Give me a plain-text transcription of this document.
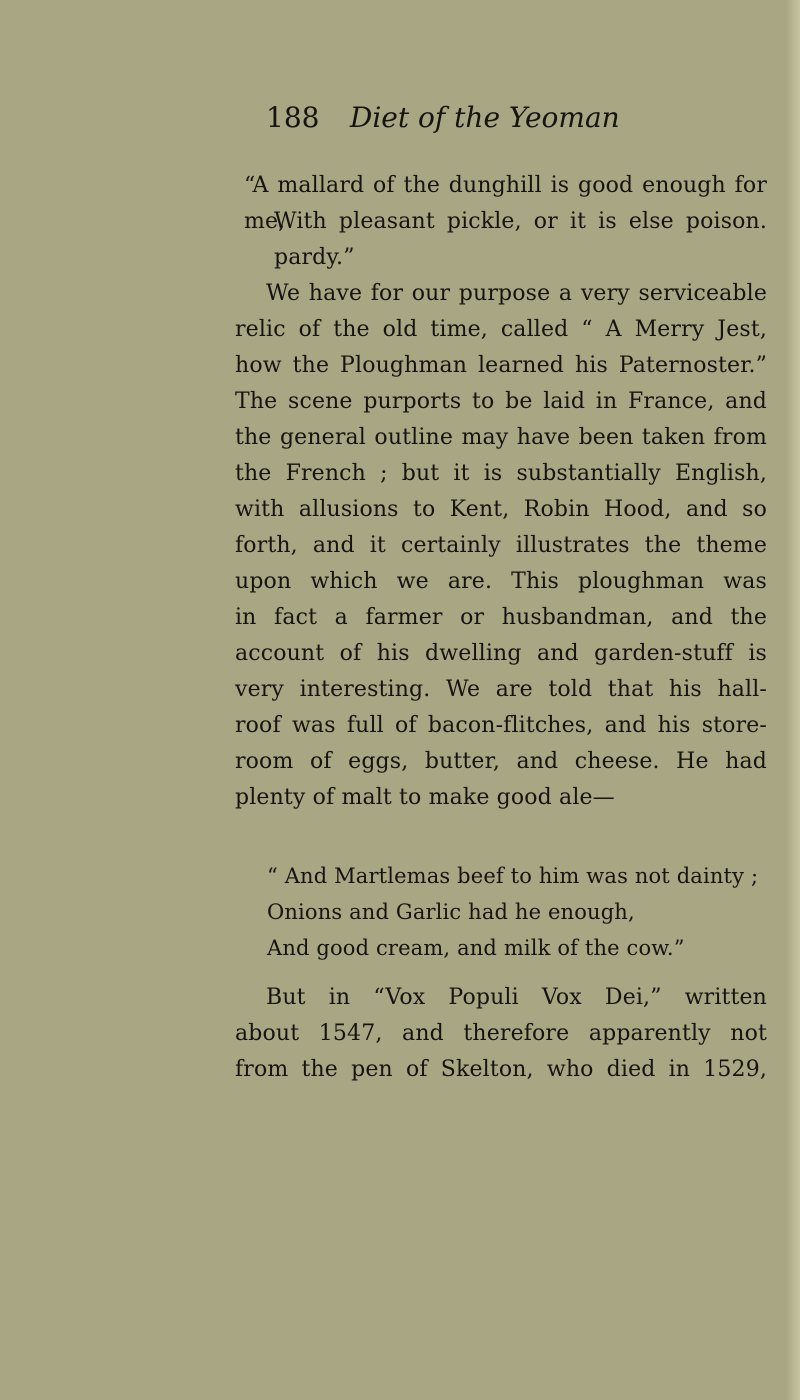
188 Diet of the Yeoman
“A mallard of the dunghill is good enough for me,
With pleasant pickle, or it is else poison.
pardy.”
We have for our purpose a very serviceable
relic of the old time, called “ A Merry Jest,
how the Ploughman learned his Paternoster.”
The scene purports to be laid in France, and
the general outline may have been taken from
the French ; but it is substantially English,
with allusions to Kent, Robin Hood, and so
forth, and it certainly illustrates the theme
upon which we are. This ploughman was
in fact a farmer or husbandman, and the
account of his dwelling and garden-stuff is
very interesting. We are told that his hall-
roof was full of bacon-flitches, and his store-
room of eggs, butter, and cheese. He had
plenty of malt to make good ale—
“ And Martlemas beef to him was not dainty ;
Onions and Garlic had he enough,
And good cream, and milk of the cow.”
But in “Vox Populi Vox Dei,” written
about 1547, and therefore apparently not
from the pen of Skelton, who died in 1529,
